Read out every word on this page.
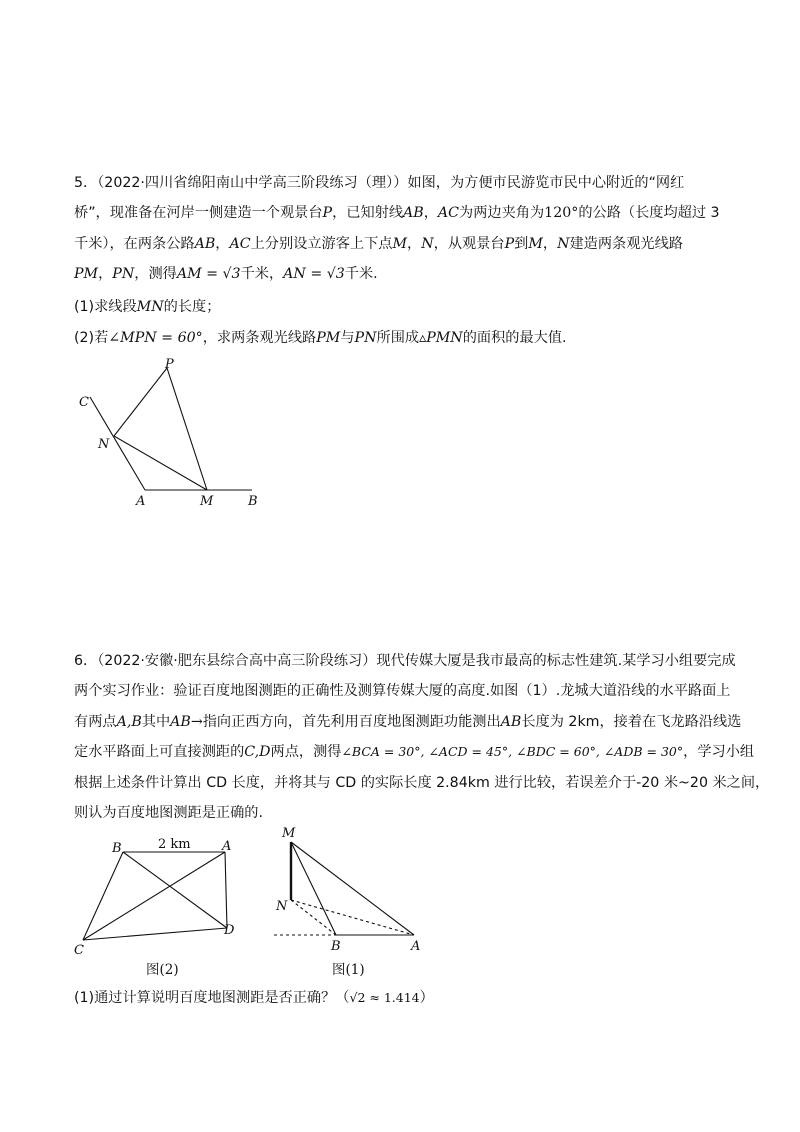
5．（2022·四川省绵阳南山中学高三阶段练习（理））如图，为方便市民游览市民中心附近的“网红
桥”，现准备在河岸一侧建造一个观景台P，已知射线AB，AC为两边夹角为120°的公路（长度均超过 3
千米），在两条公路AB，AC上分别设立游客上下点M，N，从观景台P到M，N建造两条观光线路
PM，PN，测得AM = √3千米，AN = √3千米.
(1)求线段MN的长度；
(2)若∠MPN = 60°，求两条观光线路PM与PN所围成▵PMN的面积的最大值.
P
C
N
A	M	B
6．（2022·安徽·肥东县综合高中高三阶段练习）现代传媒大厦是我市最高的标志性建筑.某学习小组要完成
两个实习作业：验证百度地图测距的正确性及测算传媒大厦的高度.如图（1）.龙城大道沿线的水平路面上
有两点A,B其中AB→指向正西方向，首先利用百度地图测距功能测出AB长度为 2km，接着在飞龙路沿线选
定水平路面上可直接测距的C,D两点，测得∠BCA = 30°, ∠ACD = 45°, ∠BDC = 60°, ∠ADB = 30°，学习小组
根据上述条件计算出 CD 长度，并将其与 CD 的实际长度 2.84km 进行比较，若误差介于-20 米~20 米之间，
则认为百度地图测距是正确的.
(1)通过计算说明百度地图测距是否正确？（√2 ≈ 1.414）
B	2 km A
C
D
图(2)
M
N
B	A
图(1)
